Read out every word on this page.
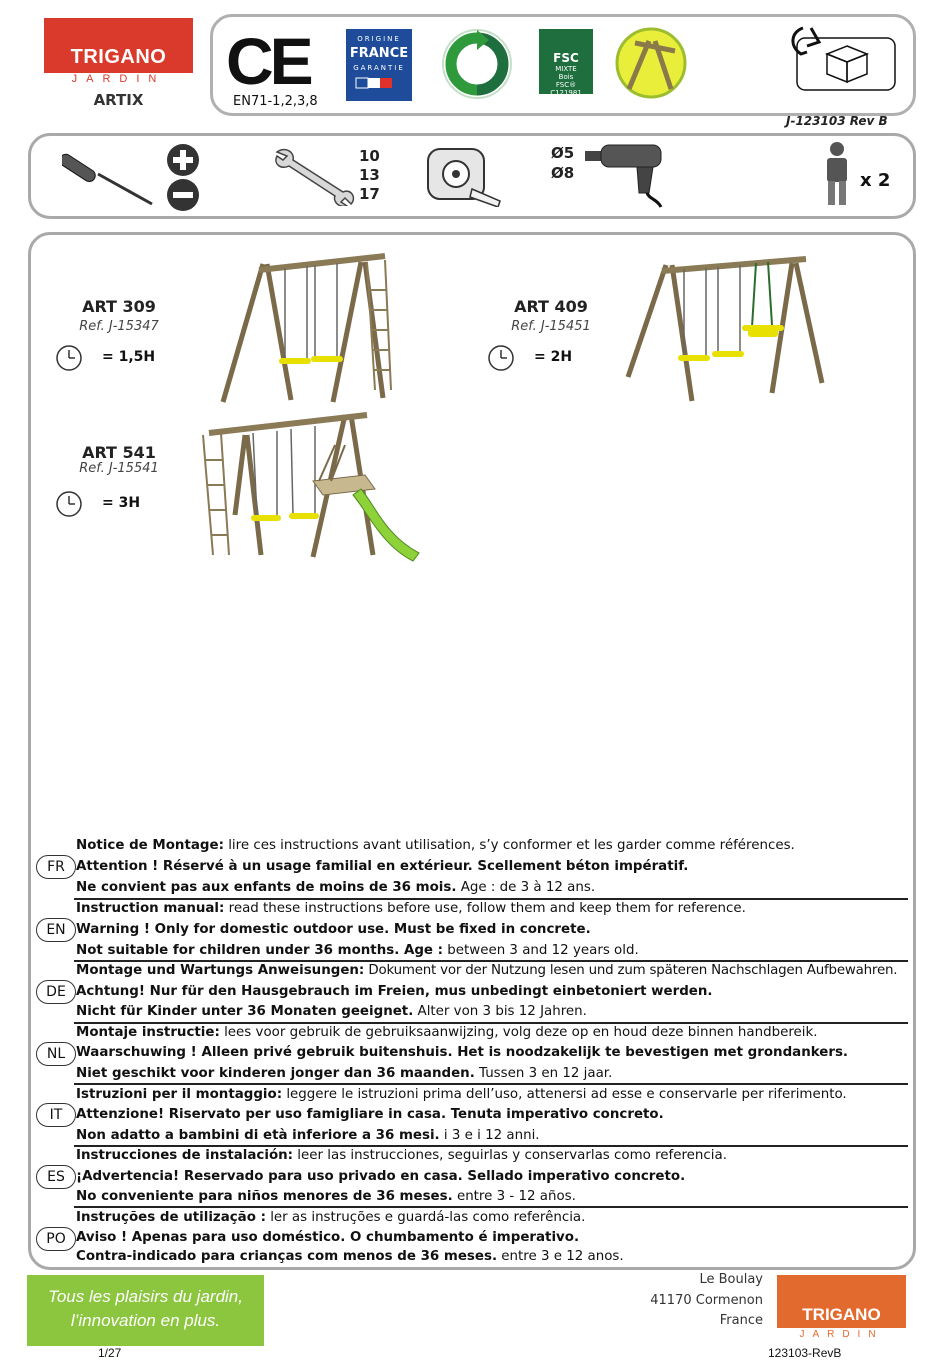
TRIGANO
JARDIN
ARTIX
CE
EN71-1,2,3,8
ORIGINE
FRANCE
GARANTIE
FSC
MIXTE
Bois
FSC® C121981
J-123103 Rev B
10
13
17
Ø5
Ø8	x 2
ART 309
Ref. J-15347
= 1,5H
ART 409
Ref. J-15451
= 2H
ART 541
Ref. J-15541
= 3H
Notice de Montage: lire ces instructions avant utilisation, s’y conformer et les garder comme références.
Attention ! Réservé à un usage familial en extérieur. Scellement béton impératif.
Ne convient pas aux enfants de moins de 36 mois. Age : de 3 à 12 ans.
FR
Instruction manual: read these instructions before use, follow them and keep them for reference.
Warning ! Only for domestic outdoor use. Must be fixed in concrete.
Not suitable for children under 36 months. Age : between 3 and 12 years old.
EN
Montage und Wartungs Anweisungen: Dokument vor der Nutzung lesen und zum späteren Nachschlagen Aufbewahren.
Achtung! Nur für den Hausgebrauch im Freien, mus unbedingt einbetoniert werden.
Nicht für Kinder unter 36 Monaten geeignet. Alter von 3 bis 12 Jahren.
DE
Montaje instructie: lees voor gebruik de gebruiksaanwijzing, volg deze op en houd deze binnen handbereik.
Waarschuwing ! Alleen privé gebruik buitenshuis. Het is noodzakelijk te bevestigen met grondankers.
Niet geschikt voor kinderen jonger dan 36 maanden. Tussen 3 en 12 jaar.
NL
Istruzioni per il montaggio: leggere le istruzioni prima dell’uso, attenersi ad esse e conservarle per riferimento.
Attenzione! Riservato per uso famigliare in casa. Tenuta imperativo concreto.
Non adatto a bambini di età inferiore a 36 mesi. i 3 e i 12 anni.
IT
Instrucciones de instalación: leer las instrucciones, seguirlas y conservarlas como referencia.
¡Advertencia! Reservado para uso privado en casa. Sellado imperativo concreto.
No conveniente para niños menores de 36 meses. entre 3 - 12 años.
ES
Instruções de utilização : ler as instruções e guardá-las como referência.
Aviso ! Apenas para uso doméstico. O chumbamento é imperativo.
Contra-indicado para crianças com menos de 36 meses. entre 3 e 12 anos.
PO
Tous les plaisirs du jardin,
l’innovation en plus.
Le Boulay
41170 Cormenon
France	TRIGANO
JARDIN
1/27	123103-RevB
